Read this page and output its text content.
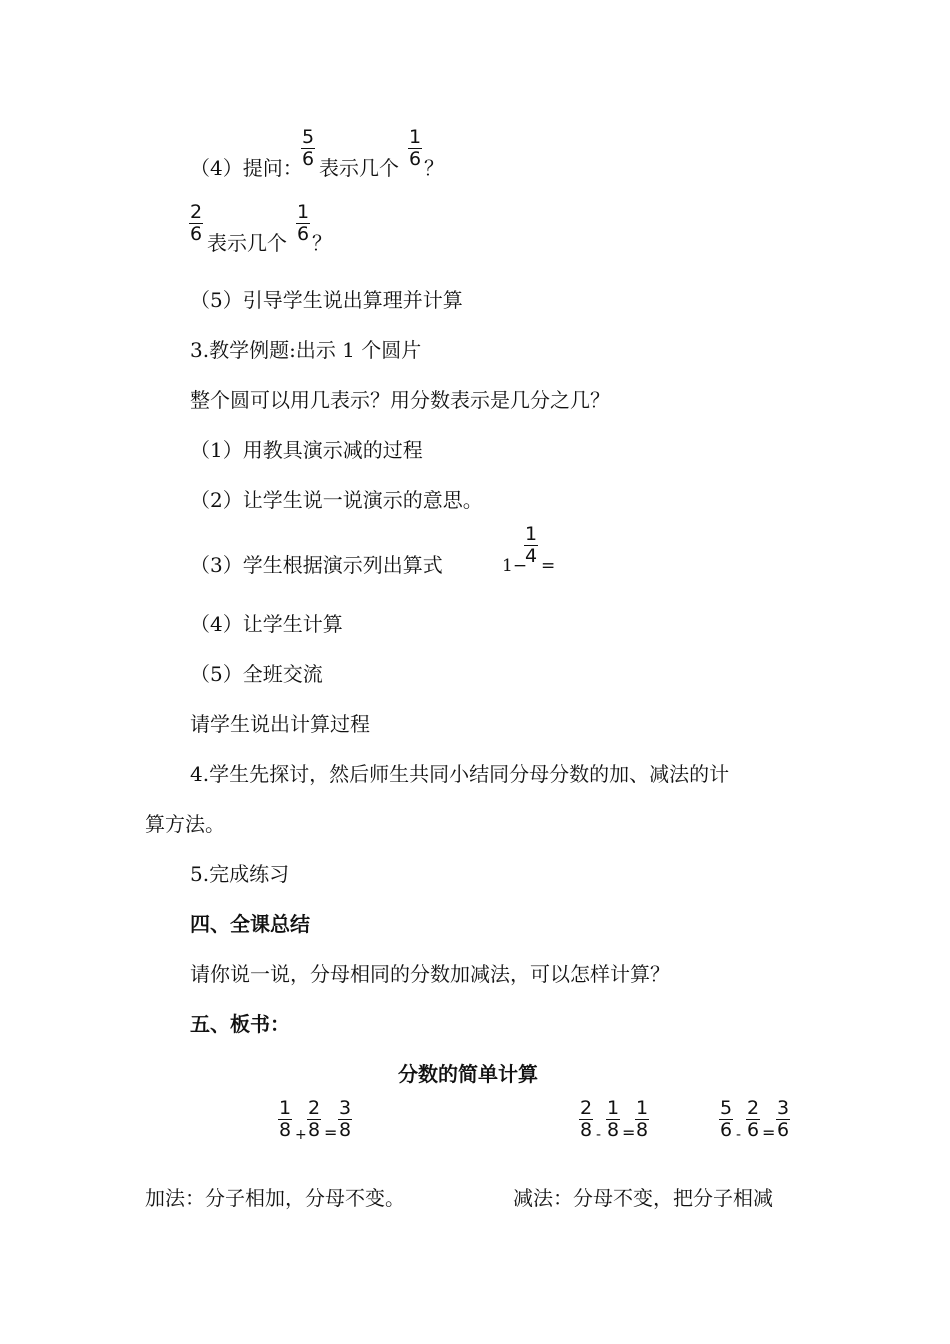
（4）提问：
5
6 表示几个
1
6 ？
2
6 表示几个
1
6 ？
（5）引导学生说出算理并计算
3.教学例题:出示 1 个圆片
整个圆可以用几表示？用分数表示是几分之几？
（1）用教具演示减的过程
（2）让学生说一说演示的意思。
（3）学生根据演示列出算式	1−
1
4 =
（4）让学生计算
（5）全班交流
请学生说出计算过程
4.学生先探讨，然后师生共同小结同分母分数的加、减法的计
算方法。
5.完成练习
四、全课总结
请你说一说，分母相同的分数加减法，可以怎样计算？
五、板书：
分数的简单计算
1
8 +
2
8 =
3
8
2
8 -
1
8 =
1
8
5
6 -
2
6 =
3
6
加法：分子相加，分母不变。	减法：分母不变，把分子相减
